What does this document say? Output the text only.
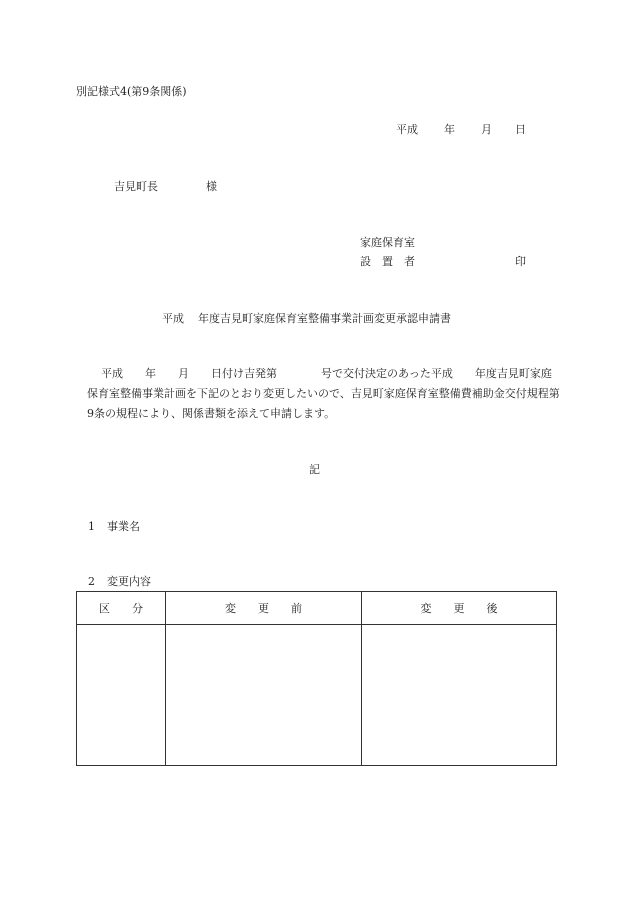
別記様式4(第9条関係)
平成 年 月 日
吉見町長	様
家庭保育室
設　置　者	印
平成 年度吉見町家庭保育室整備事業計画変更承認申請書
平成　　年　　月　　日付け吉発第　　　　号で交付決定のあった平成　　年度吉見町家庭保育室整備事業計画を下記のとおり変更したいので、吉見町家庭保育室整備費補助金交付規程第9条の規程により、関係書類を添えて申請します。
記
1 事業名
2 変更内容
区　　分	変　　更　　前	変　　更　　後
